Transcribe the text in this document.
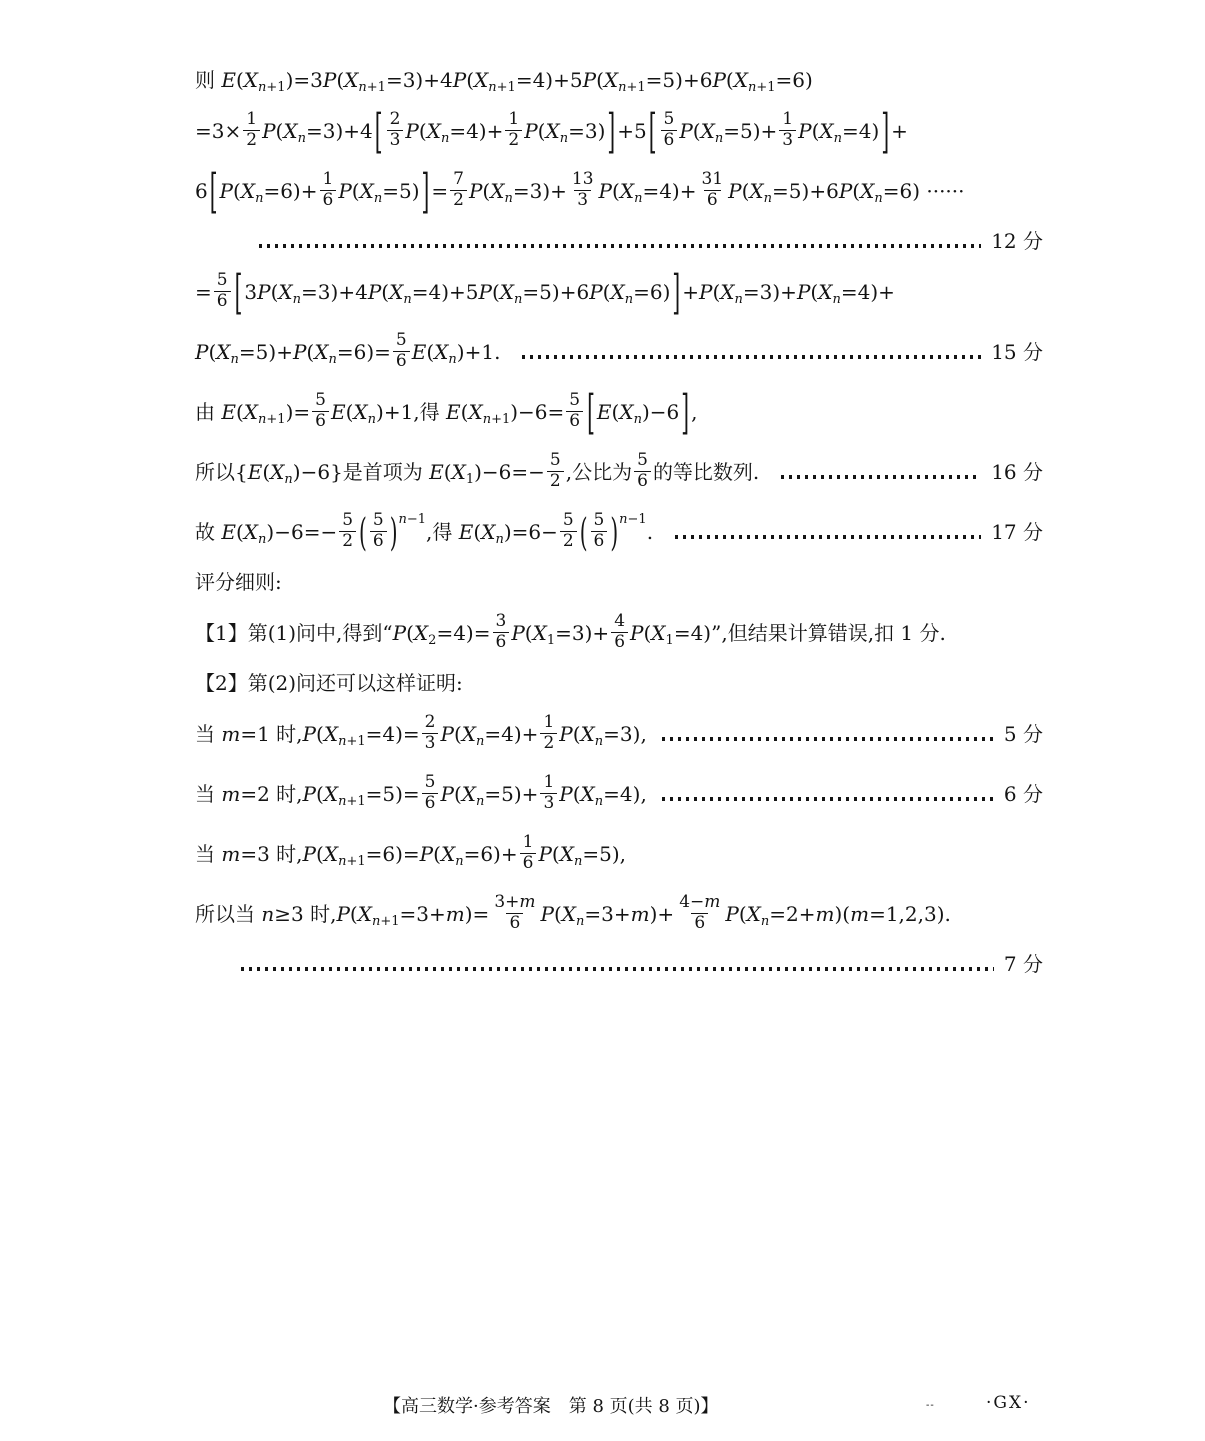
则 E(X n+1 )=3P(X n+1 =3)+4P(X n+1 =4)+5P(X n+1 =5)+6P(X n+1 =6)
$=3\times \frac{1}{2} P(X$ n =3)+4 [ $\frac{2}{3} P(X$ $n =4)+ \frac{1}{2} P(X$ n =3) ] +5 [ $\frac{5}{6} P(X$ $n =5)+ \frac{1}{3} P(X$ n =4) ] +
6 [ P(X $n =6)+ \frac{1}{6} P(X$ n =5) ] = $\frac{7}{2} P(X$ $n =3)+ \frac{13}{3} P(X$ $n =4)+ \frac{31}{6} P(X$ n =5)+6P(X n =6) ······
12 分
= $\frac{5}{6}$ [ 3P(X n =3)+4P(X n =4)+5P(X n =5)+6P(X n =6) ] +P(X n =3)+P(X n =4)+
P(X n =5)+P(X $n =6)= \frac{5}{6} E(X$ n )+1.	15 分
由 E(X n+1 )= $\frac{5}{6} E(X$ n )+1,得 E(X n+1 )$-6= \frac{5}{6}$ [ E(X n )−6 ] ,
所以{E(X n )−6}是首项为 E(X 1 )$-6=- \frac{5}{2}$ ,公比为 $\frac{5}{6}$ 的等比数列.	16 分
故 E(X n )$-6=- \frac{5}{2}$ ( $\frac{5}{6}$ ) n−1
,得 E(X n )$=6- \frac{5}{2}$ ( $\frac{5}{6}$ ) n−1
.	17 分
评分细则:
【1】第(1)问中,得到“P(X $2 =4)= \frac{3}{6} P(X$ $1 =3)+ \frac{4}{6} P(X$ 1 =4)”,但结果计算错误,扣 1 分.
【2】第(2)问还可以这样证明:
当 m=1 时,P(X $n+1 =4)= \frac{2}{3} P(X$ $n =4)+ \frac{1}{2} P(X$ n =3),	5 分
当 m=2 时,P(X $n+1 =5)= \frac{5}{6} P(X$ $n =5)+ \frac{1}{3} P(X$ n =4),	6 分
当 m=3 时,P(X n+1 =6)=P(X $n =6)+ \frac{1}{6} P(X$ n =5),
所以当 n≥3 时,P(X $n+1 =3+m)= \frac{3+m}{6} P(X$ $n =3+m)+ \frac{4-m}{6} P(X$ n =2+m)(m=1,2,3).
7 分
【高三数学·参考答案　第 8 页(共 8 页)】	--	·GX·
